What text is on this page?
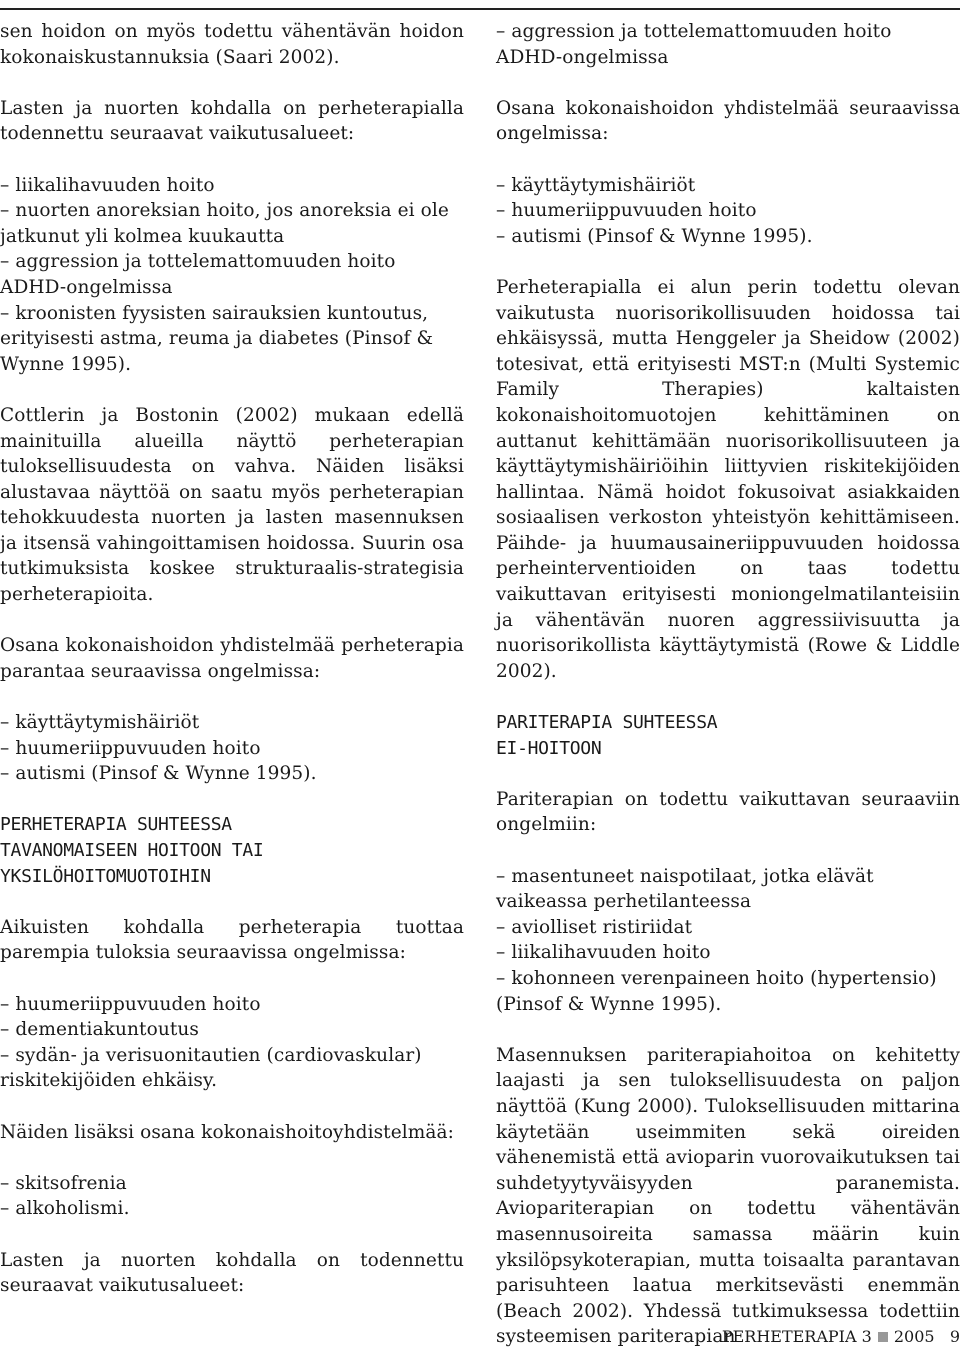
sen hoidon on myös todettu vähentävän hoidon kokonaiskustannuksia (Saari 2002).

Lasten ja nuorten kohdalla on perheterapialla todennettu seuraavat vaikutusalueet:

– liikalihavuuden hoito

– nuorten anoreksian hoito, jos anoreksia ei ole jatkunut yli kolmea kuukautta

– aggression ja tottelemattomuuden hoito ADHD-ongelmissa

– kroonisten fyysisten sairauksien kuntoutus, erityisesti astma, reuma ja diabetes (Pinsof & Wynne 1995).

Cottlerin ja Bostonin (2002) mukaan edellä mainituilla alueilla näyttö perheterapian tuloksellisuudesta on vahva. Näiden lisäksi alustavaa näyttöä on saatu myös perheterapian tehokkuudesta nuorten ja lasten masennuksen ja itsensä vahingoittamisen hoidossa. Suurin osa tutkimuksista koskee strukturaalis-strategisia perheterapioita.

Osana kokonaishoidon yhdistelmää perheterapia parantaa seuraavissa ongelmissa:

– käyttäytymishäiriöt

– huumeriippuvuuden hoito

– autismi (Pinsof & Wynne 1995).

PERHETERAPIA SUHTEESSA

TAVANOMAISEEN HOITOON TAI

YKSILÖHOITOMUOTOIHIN

Aikuisten kohdalla perheterapia tuottaa parempia tuloksia seuraavissa ongelmissa:

– huumeriippuvuuden hoito

– dementiakuntoutus

– sydän- ja verisuonitautien (cardiovaskular) riskitekijöiden ehkäisy.

Näiden lisäksi osana kokonaishoitoyhdistelmää:

– skitsofrenia

– alkoholismi.

Lasten ja nuorten kohdalla on todennettu seuraavat vaikutusalueet:

– aggression ja tottelemattomuuden hoito ADHD-ongelmissa

Osana kokonaishoidon yhdistelmää seuraavissa ongelmissa:

– käyttäytymishäiriöt

– huumeriippuvuuden hoito

– autismi (Pinsof & Wynne 1995).

Perheterapialla ei alun perin todettu olevan vaikutusta nuorisorikollisuuden hoidossa tai ehkäisyssä, mutta Henggeler ja Sheidow (2002) totesivat, että erityisesti MST:n (Multi Systemic Family Therapies) kaltaisten kokonaishoitomuotojen kehittäminen on auttanut kehittämään nuorisorikollisuuteen ja käyttäytymishäiriöihin liittyvien riskitekijöiden hallintaa. Nämä hoidot fokusoivat asiakkaiden sosiaalisen verkoston yhteistyön kehittämiseen. Päihde- ja huumausaineriippuvuuden hoidossa perheinterventioiden on taas todettu vaikuttavan erityisesti moniongelmatilanteisiin ja vähentävän nuoren aggressiivisuutta ja nuorisorikollista käyttäytymistä (Rowe & Liddle 2002).

PARITERAPIA SUHTEESSA

EI-HOITOON

Pariterapian on todettu vaikuttavan seuraaviin ongelmiin:

– masentuneet naispotilaat, jotka elävät vaikeassa perhetilanteessa

– aviolliset ristiriidat

– liikalihavuuden hoito

– kohonneen verenpaineen hoito (hypertensio) (Pinsof & Wynne 1995).

Masennuksen pariterapiahoitoa on kehitetty laajasti ja sen tuloksellisuudesta on paljon näyttöä (Kung 2000). Tuloksellisuuden mittarina käytetään useimmiten sekä oireiden vähenemistä että avioparin vuorovaikutuksen tai suhdetyytyväisyyden paranemista. Aviopariterapian on todettu vähentävän masennusoireita samassa määrin kuin yksilöpsykoterapian, mutta toisaalta parantavan parisuhteen laatua merkitsevästi enemmän (Beach 2002). Yhdessä tutkimuksessa todettiin systeemisen pariterapian

PERHETERAPIA 3 2005 9
